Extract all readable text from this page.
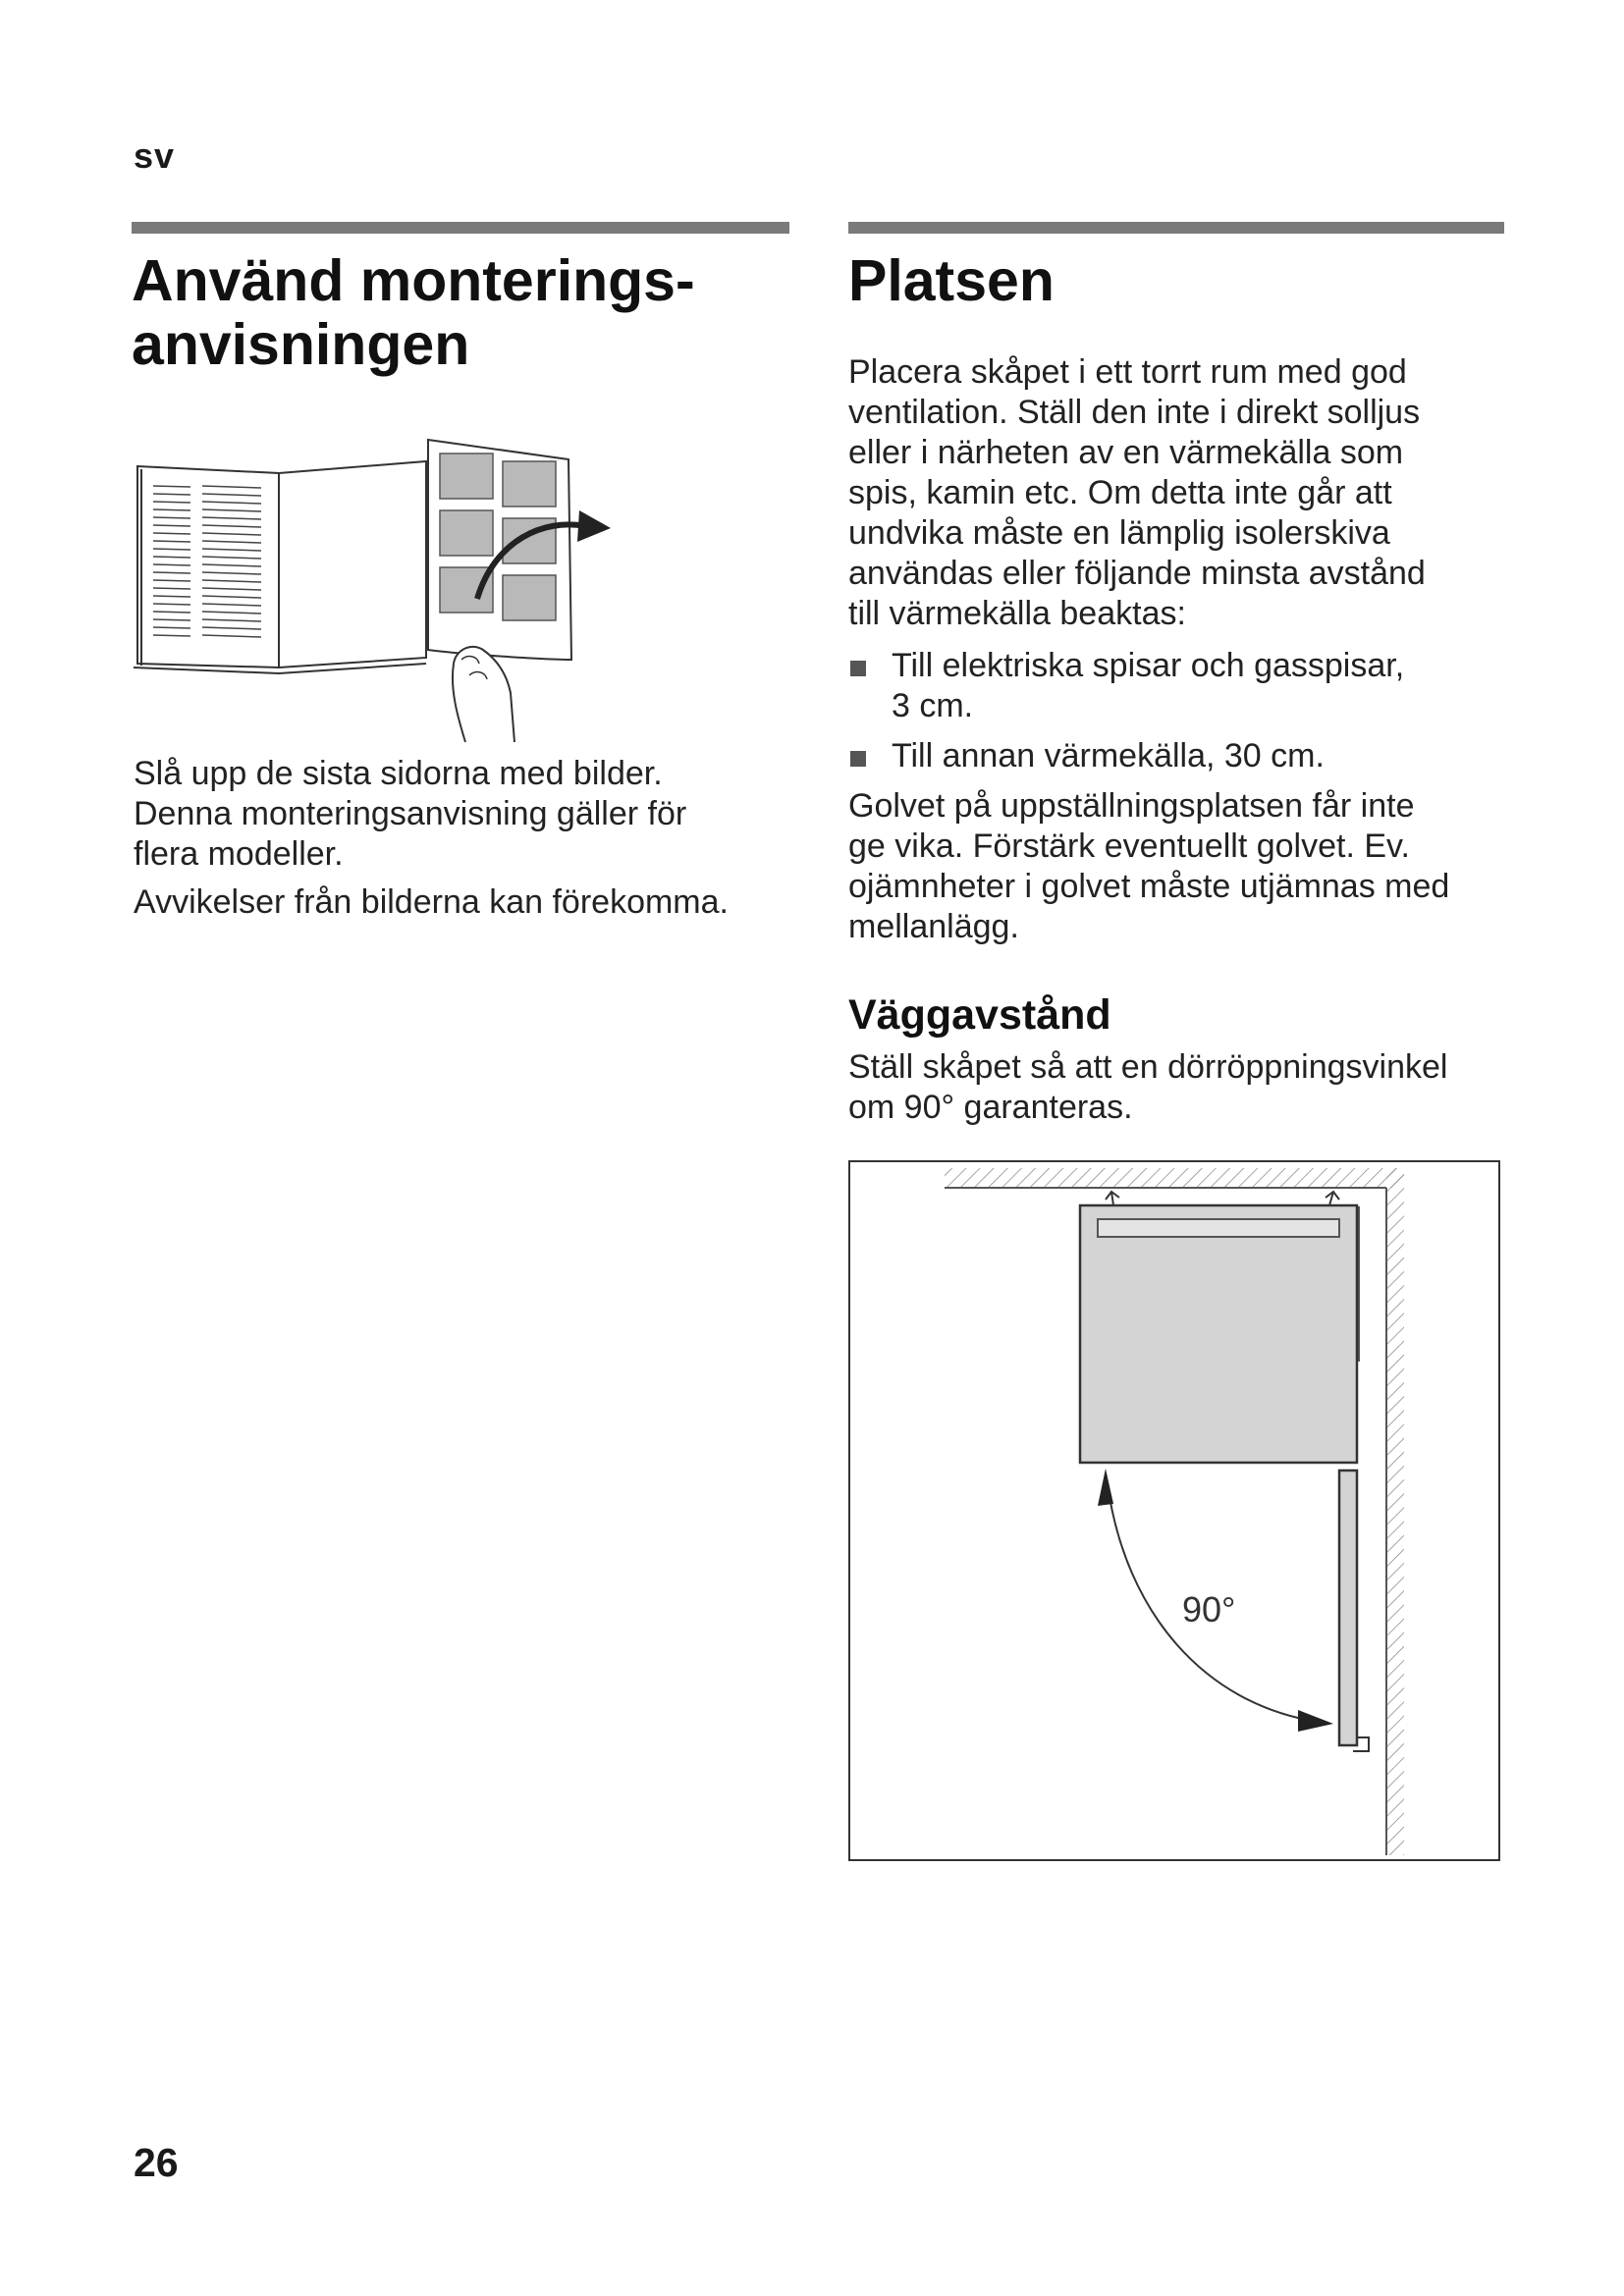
sv
Använd monterings-
anvisningen

Slå upp de sista sidorna med bilder.
Denna monteringsanvisning gäller för
flera modeller.

Avvikelser från bilderna kan förekomma.

Platsen

Placera skåpet i ett torrt rum med god
ventilation. Ställ den inte i direkt solljus
eller i närheten av en värmekälla som
spis, kamin etc. Om detta inte går att
undvika måste en lämplig isolerskiva
användas eller följande minsta avstånd
till värmekälla beaktas:

Till elektriska spisar och gasspisar,
3 cm.
Till annan värmekälla, 30 cm.

Golvet på uppställningsplatsen får inte
ge vika. Förstärk eventuellt golvet. Ev.
ojämnheter i golvet måste utjämnas med
mellanlägg.

Väggavstånd

Ställ skåpet så att en dörröppningsvinkel
om 90° garanteras.

90°
26
